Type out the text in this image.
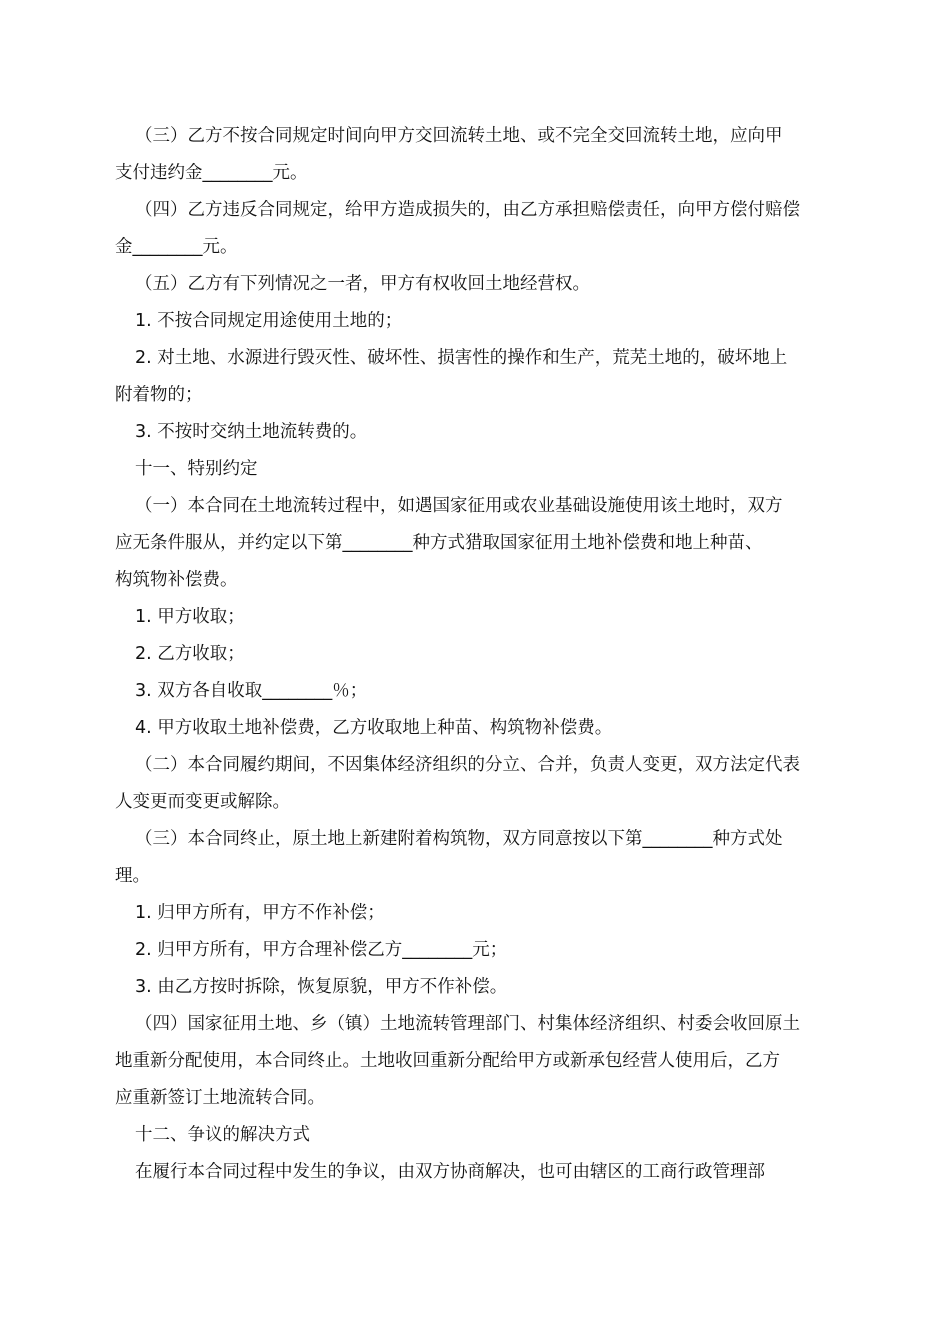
（三）乙方不按合同规定时间向甲方交回流转土地、或不完全交回流转土地，应向甲
支付违约金________元。

（四）乙方违反合同规定，给甲方造成损失的，由乙方承担赔偿责任，向甲方偿付赔偿
金________元。

（五）乙方有下列情况之一者，甲方有权收回土地经营权。

1. 不按合同规定用途使用土地的；

2. 对土地、水源进行毁灭性、破坏性、损害性的操作和生产，荒芜土地的，破坏地上
附着物的；

3. 不按时交纳土地流转费的。

十一、特别约定

（一）本合同在土地流转过程中，如遇国家征用或农业基础设施使用该土地时，双方
应无条件服从，并约定以下第________种方式猎取国家征用土地补偿费和地上种苗、
构筑物补偿费。

1. 甲方收取；

2. 乙方收取；

3. 双方各自收取________％；

4. 甲方收取土地补偿费，乙方收取地上种苗、构筑物补偿费。

（二）本合同履约期间，不因集体经济组织的分立、合并，负责人变更，双方法定代表
人变更而变更或解除。

（三）本合同终止，原土地上新建附着构筑物，双方同意按以下第________种方式处
理。

1. 归甲方所有，甲方不作补偿；

2. 归甲方所有，甲方合理补偿乙方________元；

3. 由乙方按时拆除，恢复原貌，甲方不作补偿。

（四）国家征用土地、乡（镇）土地流转管理部门、村集体经济组织、村委会收回原土
地重新分配使用，本合同终止。土地收回重新分配给甲方或新承包经营人使用后，乙方
应重新签订土地流转合同。

十二、争议的解决方式

在履行本合同过程中发生的争议，由双方协商解决，也可由辖区的工商行政管理部
